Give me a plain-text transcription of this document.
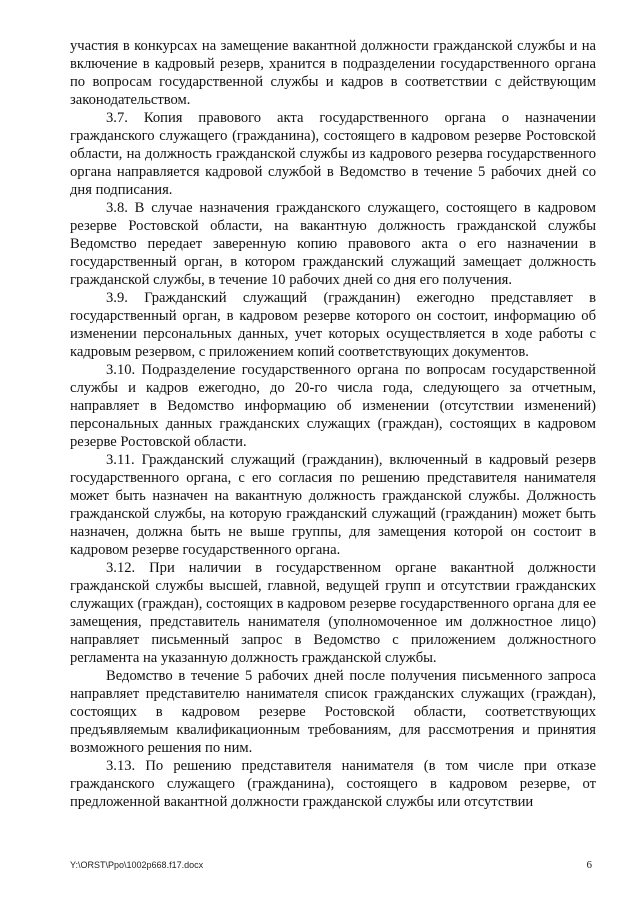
участия в конкурсах на замещение вакантной должности гражданской службы и на включение в кадровый резерв, хранится в подразделении государственного органа по вопросам государственной службы и кадров в соответствии с действующим законодательством.

3.7. Копия правового акта государственного органа о назначении гражданского служащего (гражданина), состоящего в кадровом резерве Ростовской области, на должность гражданской службы из кадрового резерва государственного органа направляется кадровой службой в Ведомство в течение 5 рабочих дней со дня подписания.

3.8. В случае назначения гражданского служащего, состоящего в кадровом резерве Ростовской области, на вакантную должность гражданской службы Ведомство передает заверенную копию правового акта о его назначении в государственный орган, в котором гражданский служащий замещает должность гражданской службы, в течение 10 рабочих дней со дня его получения.

3.9. Гражданский служащий (гражданин) ежегодно представляет в государственный орган, в кадровом резерве которого он состоит, информацию об изменении персональных данных, учет которых осуществляется в ходе работы с кадровым резервом, с приложением копий соответствующих документов.

3.10. Подразделение государственного органа по вопросам государственной службы и кадров ежегодно, до 20-го числа года, следующего за отчетным, направляет в Ведомство информацию об изменении (отсутствии изменений) персональных данных гражданских служащих (граждан), состоящих в кадровом резерве Ростовской области.

3.11. Гражданский служащий (гражданин), включенный в кадровый резерв государственного органа, с его согласия по решению представителя нанимателя может быть назначен на вакантную должность гражданской службы. Должность гражданской службы, на которую гражданский служащий (гражданин) может быть назначен, должна быть не выше группы, для замещения которой он состоит в кадровом резерве государственного органа.

3.12. При наличии в государственном органе вакантной должности гражданской службы высшей, главной, ведущей групп и отсутствии гражданских служащих (граждан), состоящих в кадровом резерве государственного органа для ее замещения, представитель нанимателя (уполномоченное им должностное лицо) направляет письменный запрос в Ведомство с приложением должностного регламента на указанную должность гражданской службы.

Ведомство в течение 5 рабочих дней после получения письменного запроса направляет представителю нанимателя список гражданских служащих (граждан), состоящих в кадровом резерве Ростовской области, соответствующих предъявляемым квалификационным требованиям, для рассмотрения и принятия возможного решения по ним.

3.13. По решению представителя нанимателя (в том числе при отказе гражданского служащего (гражданина), состоящего в кадровом резерве, от предложенной вакантной должности гражданской службы или отсутствии

Y:\ORST\Ppo\1002p668.f17.docx	6
